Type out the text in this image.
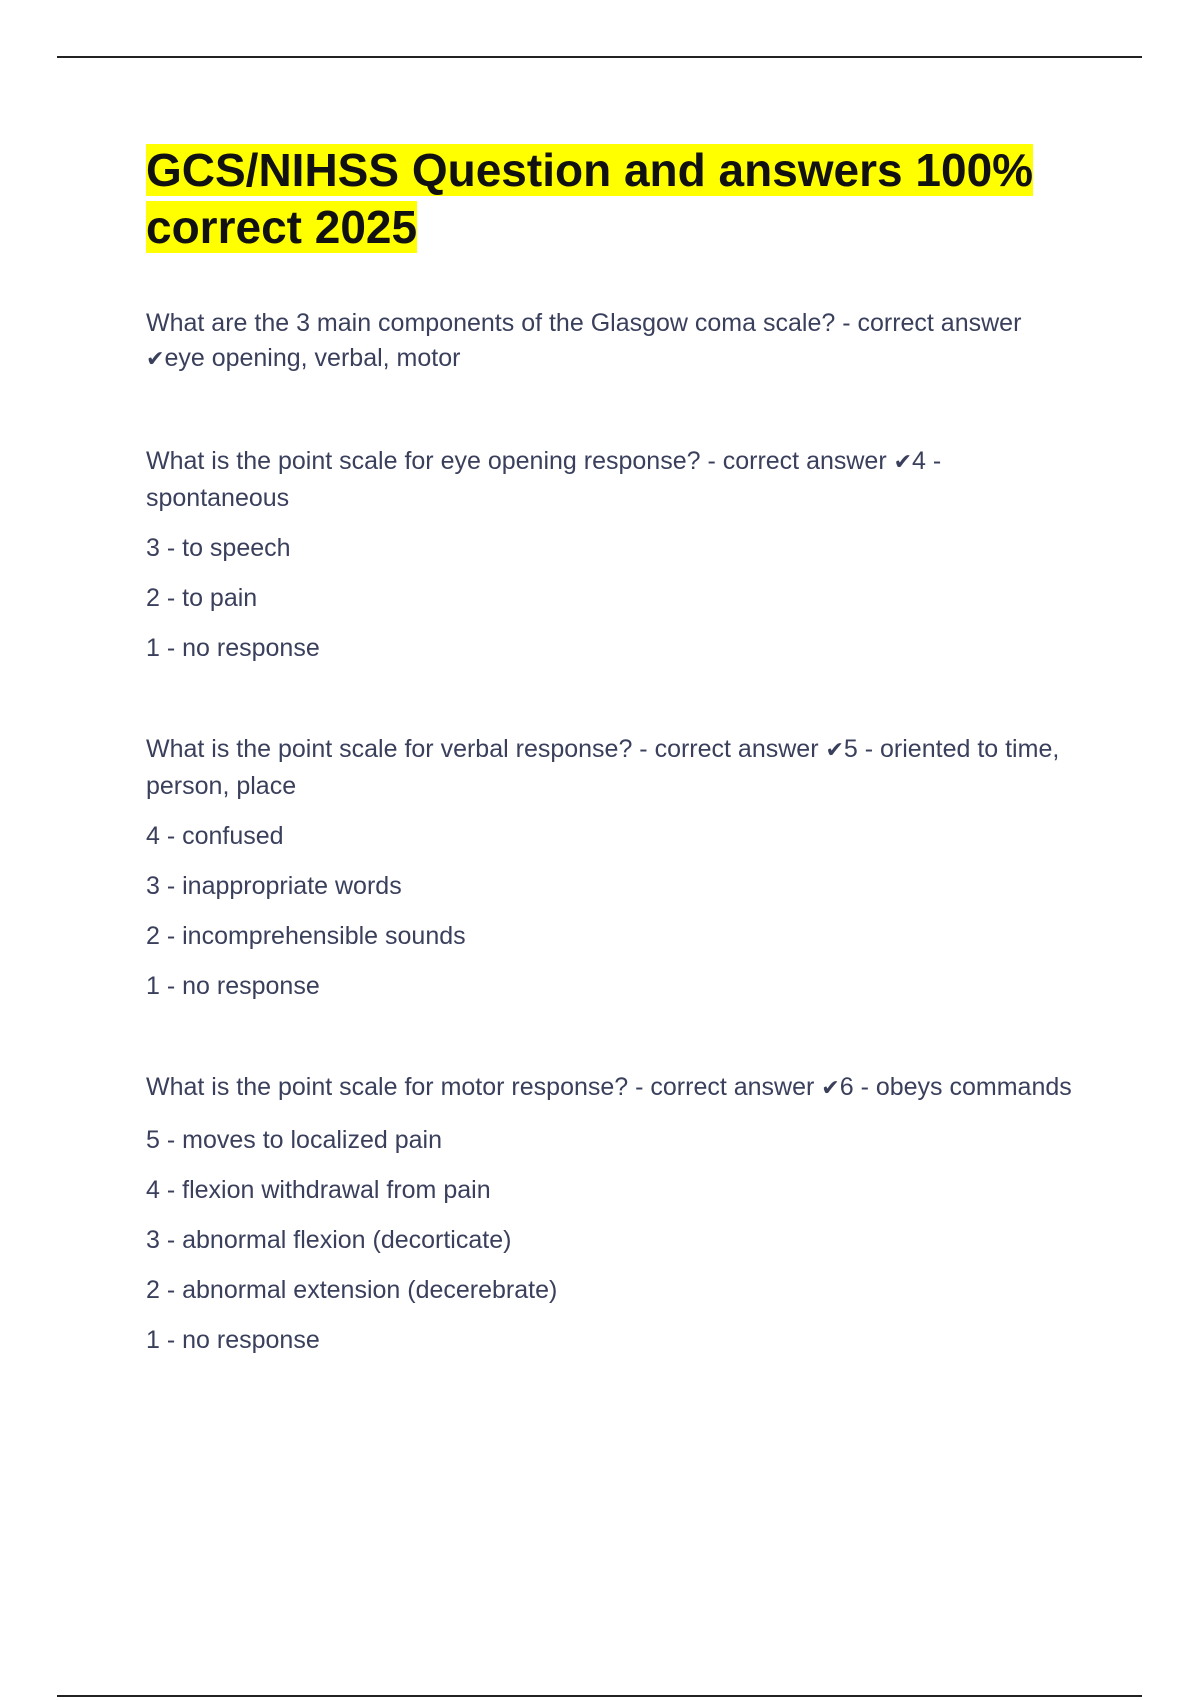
GCS/NIHSS Question and answers 100% correct 2025

What are the 3 main components of the Glasgow coma scale? - correct answer ✔eye opening, verbal, motor

What is the point scale for eye opening response? - correct answer ✔4 - spontaneous

3 - to speech

2 - to pain

1 - no response

What is the point scale for verbal response? - correct answer ✔5 - oriented to time, person, place

4 - confused

3 - inappropriate words

2 - incomprehensible sounds

1 - no response

What is the point scale for motor response? - correct answer ✔6 - obeys commands

5 - moves to localized pain

4 - flexion withdrawal from pain

3 - abnormal flexion (decorticate)

2 - abnormal extension (decerebrate)

1 - no response
